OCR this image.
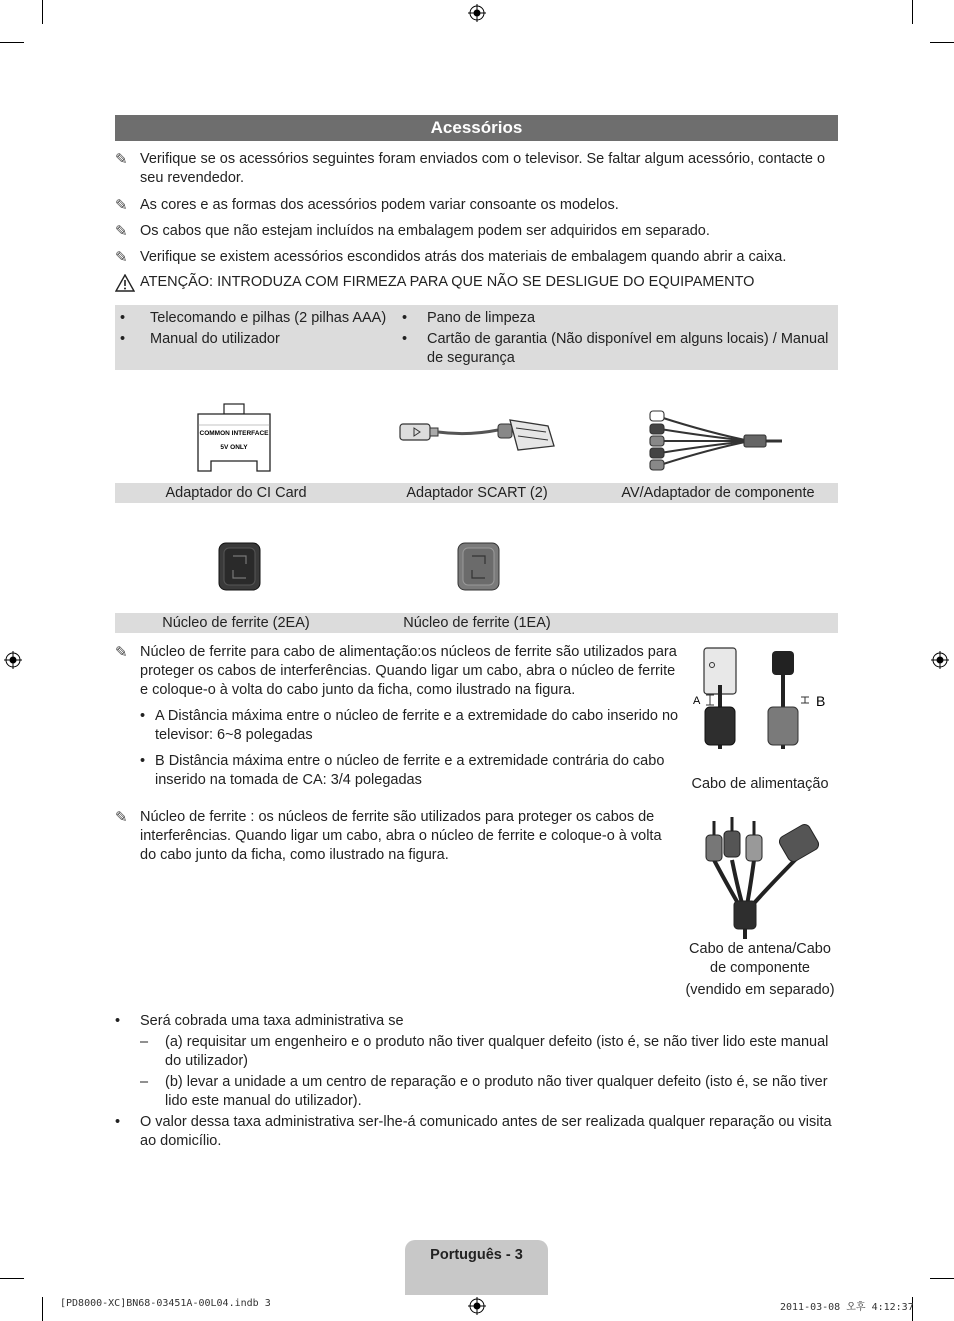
Acessórios
✎ Verifique se os acessórios seguintes foram enviados com o televisor. Se faltar algum acessório, contacte o seu revendedor.
✎ As cores e as formas dos acessórios podem variar consoante os modelos.
✎ Os cabos que não estejam incluídos na embalagem podem ser adquiridos em separado.
✎ Verifique se existem acessórios escondidos atrás dos materiais de embalagem quando abrir a caixa.
ATENÇÃO: INTRODUZA COM FIRMEZA PARA QUE NÃO SE DESLIGUE DO EQUIPAMENTO
• Telecomando e pilhas (2 pilhas AAA)
• Manual do utilizador
• Pano de limpeza
• Cartão de garantia (Não disponível em alguns locais) / Manual de segurança
COMMON INTERFACE
5V ONLY
Adaptador do CI Card	Adaptador SCART (2)	AV/Adaptador de componente
Núcleo de ferrite (2EA)	Núcleo de ferrite (1EA)
✎ Núcleo de ferrite para cabo de alimentação:os núcleos de ferrite são utilizados para proteger os cabos de interferências. Quando ligar um cabo, abra o núcleo de ferrite e coloque-o à volta do cabo junto da ficha, como ilustrado na figura.
• A Distância máxima entre o núcleo de ferrite e a extremidade do cabo inserido no televisor: 6~8 polegadas
• B Distância máxima entre o núcleo de ferrite e a extremidade contrária do cabo inserido na tomada de CA: 3/4 polegadas
A	B
Cabo de alimentação
✎ Núcleo de ferrite : os núcleos de ferrite são utilizados para proteger os cabos de interferências. Quando ligar um cabo, abra o núcleo de ferrite e coloque-o à volta do cabo junto da ficha, como ilustrado na figura.
Cabo de antena/Cabo
de componente
(vendido em separado)
• Será cobrada uma taxa administrativa se
– (a) requisitar um engenheiro e o produto não tiver qualquer defeito (isto é, se não tiver lido este manual do utilizador)
– (b) levar a unidade a um centro de reparação e o produto não tiver qualquer defeito (isto é, se não tiver lido este manual do utilizador).
• O valor dessa taxa administrativa ser-lhe-á comunicado antes de ser realizada qualquer reparação ou visita ao domicílio.
Português - 3
[PD8000-XC]BN68-03451A-00L04.indb 3	2011-03-08 오후 4:12:37
